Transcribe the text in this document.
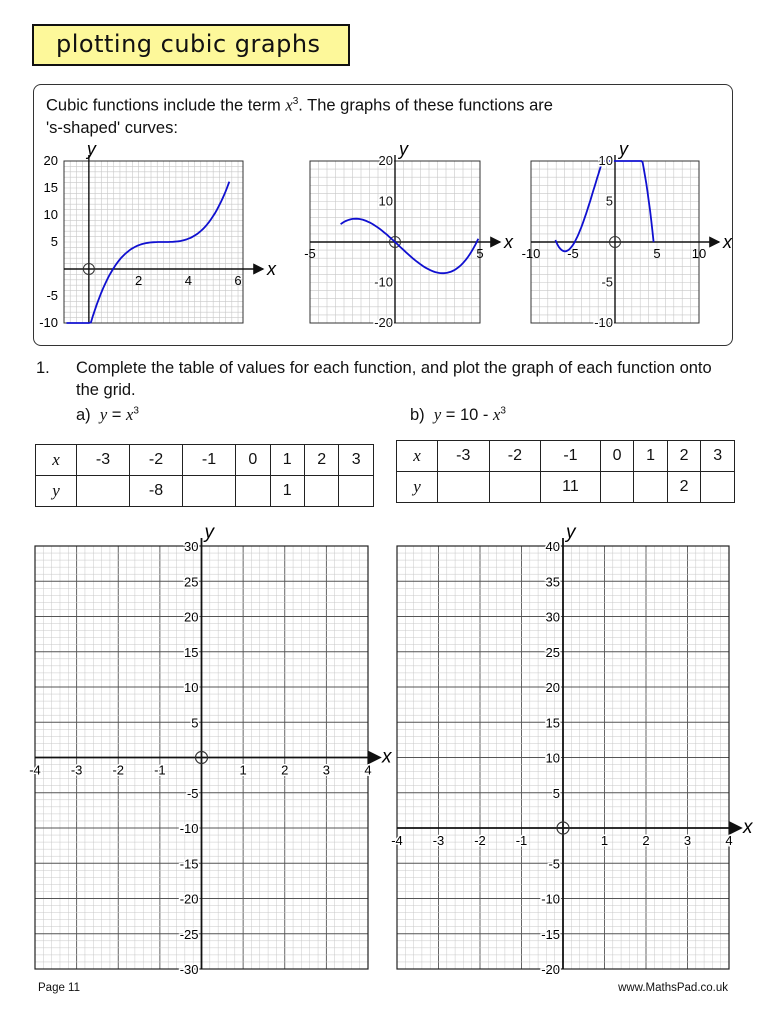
plotting cubic graphs
Cubic functions include the term $x^3$. The graphs of these functions are
's-shaped' curves:
2	4	6
20
15
10
5
-5
-10
x
y
-5	5
20
10
-10
-20
x
y
-10 -5	5 10
10
5
-5
-10
x
y
1. Complete the table of values for each function, and plot the graph of each function onto the grid.
a) $y = x^3$	b) $y = 10 - x^3$
x	-3	-2	-1	0	1	2	3
y		-8			1		
x	-3	-2	-1	0	1	2	3
y			11			2	
-4 -3 -2 -1	1	2	3	4
30
25
20
15
10
5
-5
-10
-15
-20
-25
-30
x
y
-4 -3 -2 -1	1	2	3	4
40
35
30
25
20
15
10
5
-5
-10
-15
-20
x
y
Page 11	www.MathsPad.co.uk
